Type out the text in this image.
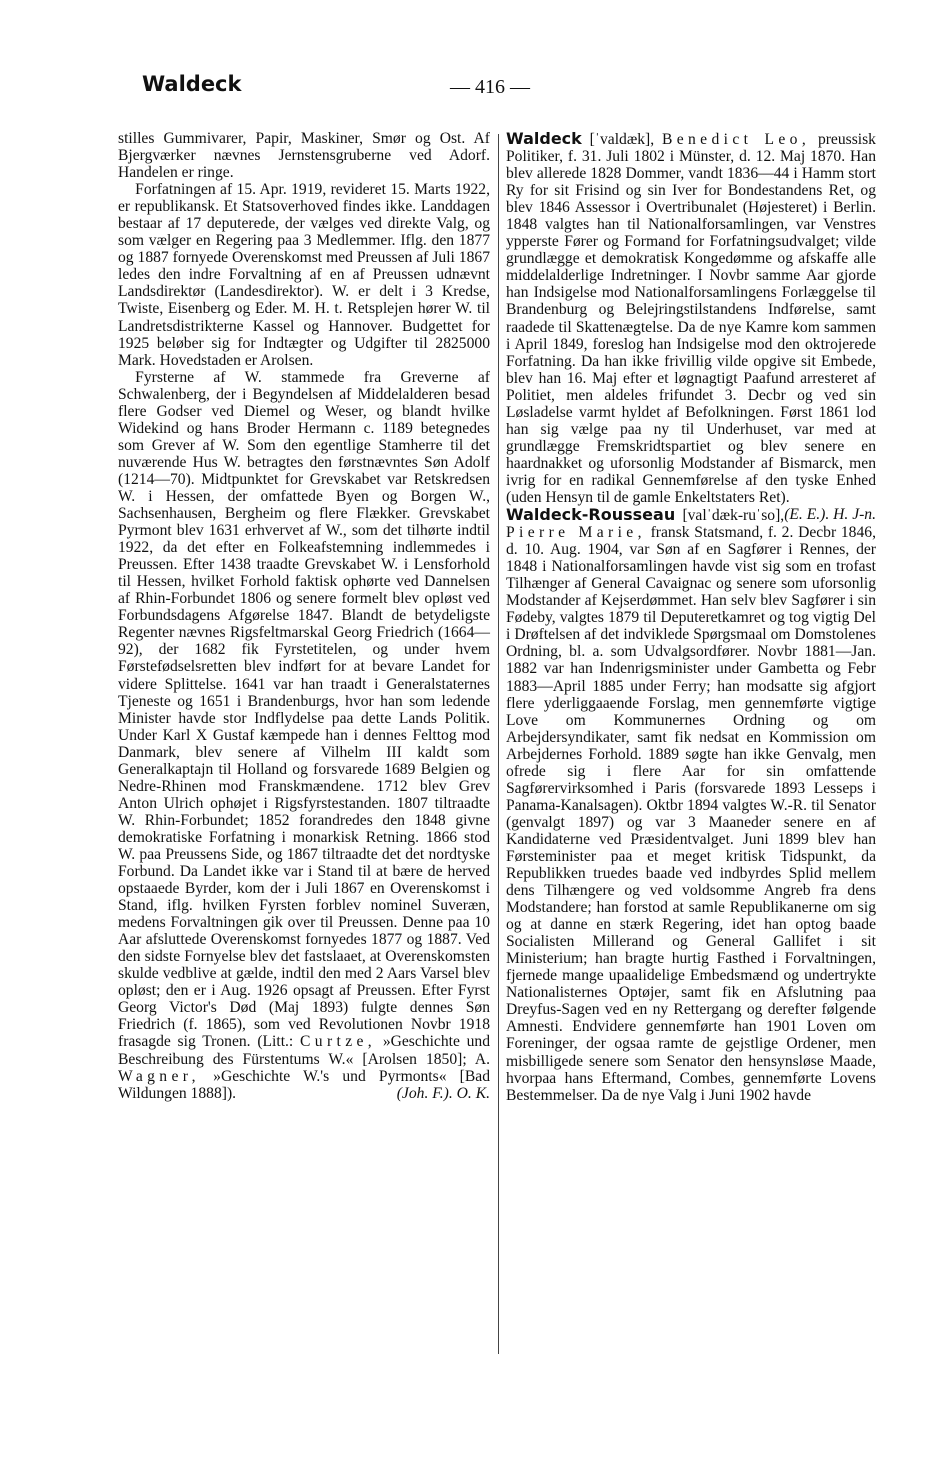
Waldeck	— 416 —

stilles Gummivarer, Papir, Maskiner, Smør og Ost. Af Bjergværker nævnes Jernstensgruberne ved Adorf. Handelen er ringe.

Forfatningen af 15. Apr. 1919, revideret 15. Marts 1922, er republikansk. Et Statsoverhoved findes ikke. Landdagen bestaar af 17 deputerede, der vælges ved direkte Valg, og som vælger en Regering paa 3 Medlemmer. Iflg. den 1877 og 1887 fornyede Overenskomst med Preussen af Juli 1867 ledes den indre Forvaltning af en af Preussen udnævnt Landsdirektør (Landesdirektor). W. er delt i 3 Kredse, Twiste, Eisenberg og Eder. M. H. t. Retsplejen hører W. til Landretsdistrikterne Kassel og Hannover. Budgettet for 1925 beløber sig for Indtægter og Udgifter til 2825000 Mark. Hovedstaden er Arolsen.

Fyrsterne af W. stammede fra Greverne af Schwalenberg, der i Begyndelsen af Middelalderen besad flere Godser ved Diemel og Weser, og blandt hvilke Widekind og hans Broder Hermann c. 1189 betegnedes som Grever af W. Som den egentlige Stamherre til det nuværende Hus W. betragtes den førstnævntes Søn Adolf (1214—70). Midtpunktet for Grevskabet var Retskredsen W. i Hessen, der omfattede Byen og Borgen W., Sachsenhausen, Bergheim og flere Flækker. Grevskabet Pyrmont blev 1631 erhvervet af W., som det tilhørte indtil 1922, da det efter en Folkeafstemning indlemmedes i Preussen. Efter 1438 traadte Grevskabet W. i Lensforhold til Hessen, hvilket Forhold faktisk ophørte ved Dannelsen af Rhin-Forbundet 1806 og senere formelt blev opløst ved Forbundsdagens Afgørelse 1847. Blandt de betydeligste Regenter nævnes Rigsfeltmarskal Georg Friedrich (1664—92), der 1682 fik Fyrstetitelen, og under hvem Førstefødselsretten blev indført for at bevare Landet for videre Splittelse. 1641 var han traadt i Generalstaternes Tjeneste og 1651 i Brandenburgs, hvor han som ledende Minister havde stor Indflydelse paa dette Lands Politik. Under Karl X Gustaf kæmpede han i dennes Felttog mod Danmark, blev senere af Vilhelm III kaldt som Generalkaptajn til Holland og forsvarede 1689 Belgien og Nedre-Rhinen mod Franskmændene. 1712 blev Grev Anton Ulrich ophøjet i Rigsfyrstestanden. 1807 tiltraadte W. Rhin-Forbundet; 1852 forandredes den 1848 givne demokratiske Forfatning i monarkisk Retning. 1866 stod W. paa Preussens Side, og 1867 tiltraadte det det nordtyske Forbund. Da Landet ikke var i Stand til at bære de herved opstaaede Byrder, kom der i Juli 1867 en Overenskomst i Stand, iflg. hvilken Fyrsten forblev nominel Suveræn, medens Forvaltningen gik over til Preussen. Denne paa 10 Aar afsluttede Overenskomst fornyedes 1877 og 1887. Ved den sidste Fornyelse blev det fastslaaet, at Overenskomsten skulde vedblive at gælde, indtil den med 2 Aars Varsel blev opløst; den er i Aug. 1926 opsagt af Preussen. Efter Fyrst Georg Victor's Død (Maj 1893) fulgte dennes Søn Friedrich (f. 1865), som ved Revolutionen Novbr 1918 frasagde sig Tronen. (Litt.: Curtze, »Geschichte und Beschreibung des Fürstentums W.« [Arolsen 1850]; A. Wagner, »Geschichte W.'s und Pyrmonts« [Bad Wildungen 1888]).	(Joh. F.). O. K.

Waldeck [ˈvaldæk], Benedict Leo, preussisk Politiker, f. 31. Juli 1802 i Münster, d. 12. Maj 1870. Han blev allerede 1828 Dommer, vandt 1836—44 i Hamm stort Ry for sit Frisind og sin Iver for Bondestandens Ret, og blev 1846 Assessor i Overtribunalet (Højesteret) i Berlin. 1848 valgtes han til Nationalforsamlingen, var Venstres ypperste Fører og Formand for Forfatningsudvalget; vilde grundlægge et demokratisk Kongedømme og afskaffe alle middelalderlige Indretninger. I Novbr samme Aar gjorde han Indsigelse mod Nationalforsamlingens Forlæggelse til Brandenburg og Belejringstilstandens Indførelse, samt raadede til Skattenægtelse. Da de nye Kamre kom sammen i April 1849, foreslog han Indsigelse mod den oktrojerede Forfatning. Da han ikke frivillig vilde opgive sit Embede, blev han 16. Maj efter et løgnagtigt Paafund arresteret af Politiet, men aldeles frifundet 3. Decbr og ved sin Løsladelse varmt hyldet af Befolkningen. Først 1861 lod han sig vælge paa ny til Underhuset, var med at grundlægge Fremskridtspartiet og blev senere en haardnakket og uforsonlig Modstander af Bismarck, men ivrig for en radikal Gennemførelse af den tyske Enhed (uden Hensyn til de gamle Enkeltstaters Ret).
(E. E.). H. J-n.

Waldeck-Rousseau [valˈdæk-ruˈso], Pierre Marie, fransk Statsmand, f. 2. Decbr 1846, d. 10. Aug. 1904, var Søn af en Sagfører i Rennes, der 1848 i Nationalforsamlingen havde vist sig som en trofast Tilhænger af General Cavaignac og senere som uforsonlig Modstander af Kejserdømmet. Han selv blev Sagfører i sin Fødeby, valgtes 1879 til Deputeretkamret og tog vigtig Del i Drøftelsen af det indviklede Spørgsmaal om Domstolenes Ordning, bl. a. som Udvalgsordfører. Novbr 1881—Jan. 1882 var han Indenrigsminister under Gambetta og Febr 1883—April 1885 under Ferry; han modsatte sig afgjort flere yderliggaaende Forslag, men gennemførte vigtige Love om Kommunernes Ordning og om Arbejdersyndikater, samt fik nedsat en Kommission om Arbejdernes Forhold. 1889 søgte han ikke Genvalg, men ofrede sig i flere Aar for sin omfattende Sagførervirksomhed i Paris (forsvarede 1893 Lesseps i Panama-Kanalsagen). Oktbr 1894 valgtes W.-R. til Senator (genvalgt 1897) og var 3 Maaneder senere en af Kandidaterne ved Præsidentvalget. Juni 1899 blev han Førsteminister paa et meget kritisk Tidspunkt, da Republikken truedes baade ved indbyrdes Splid mellem dens Tilhængere og ved voldsomme Angreb fra dens Modstandere; han forstod at samle Republikanerne om sig og at danne en stærk Regering, idet han optog baade Socialisten Millerand og General Gallifet i sit Ministerium; han bragte hurtig Fasthed i Forvaltningen, fjernede mange upaalidelige Embedsmænd og undertrykte Nationalisternes Optøjer, samt fik en Afslutning paa Dreyfus-Sagen ved en ny Rettergang og derefter følgende Amnesti. Endvidere gennemførte han 1901 Loven om Foreninger, der ogsaa ramte de gejstlige Ordener, men misbilligede senere som Senator den hensynsløse Maade, hvorpaa hans Eftermand, Combes, gennemførte Lovens Bestemmelser. Da de nye Valg i Juni 1902 havde
